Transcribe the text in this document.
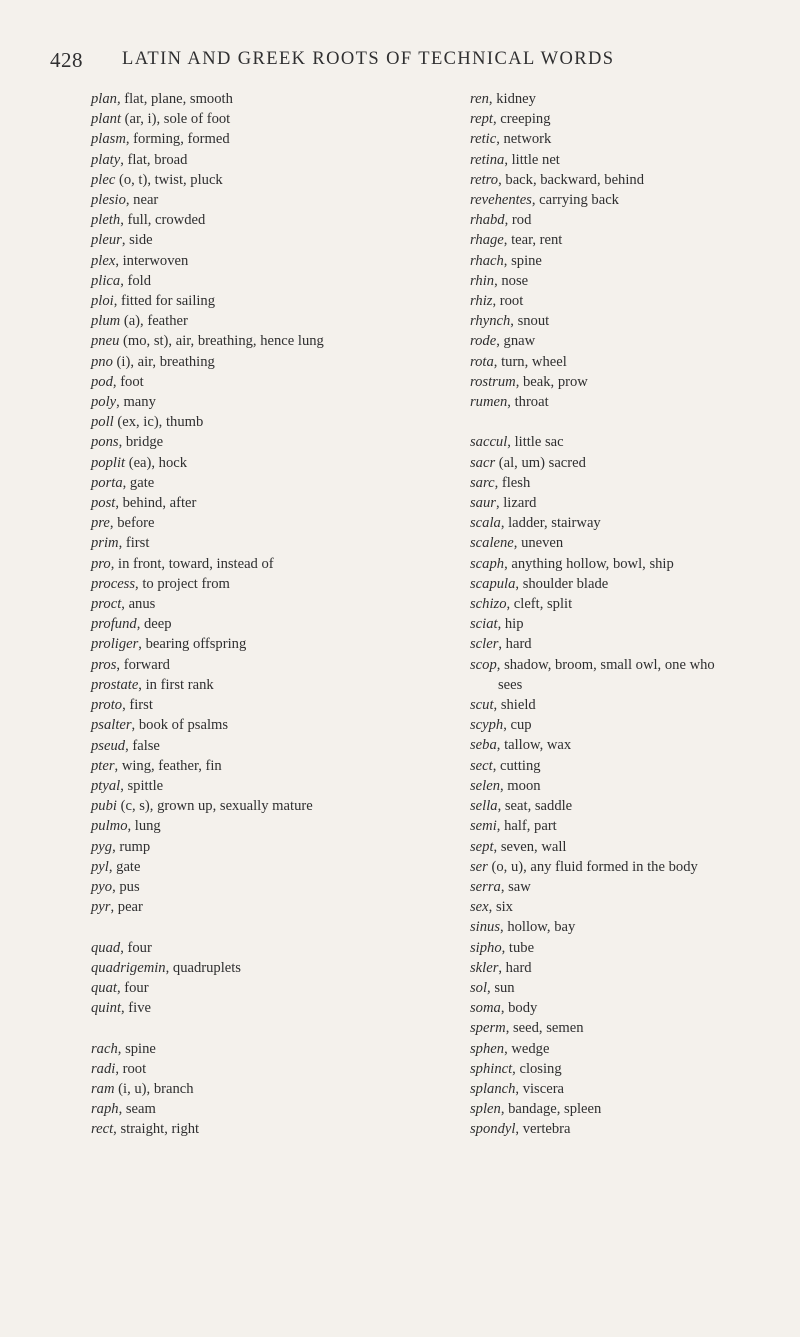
428 LATIN AND GREEK ROOTS OF TECHNICAL WORDS
plan, flat, plane, smooth
plant (ar, i), sole of foot
plasm, forming, formed
platy, flat, broad
plec (o, t), twist, pluck
plesio, near
pleth, full, crowded
pleur, side
plex, interwoven
plica, fold
ploi, fitted for sailing
plum (a), feather
pneu (mo, st), air, breathing, hence lung
pno (i), air, breathing
pod, foot
poly, many
poll (ex, ic), thumb
pons, bridge
poplit (ea), hock
porta, gate
post, behind, after
pre, before
prim, first
pro, in front, toward, instead of
process, to project from
proct, anus
profund, deep
proliger, bearing offspring
pros, forward
prostate, in first rank
proto, first
psalter, book of psalms
pseud, false
pter, wing, feather, fin
ptyal, spittle
pubi (c, s), grown up, sexually mature
pulmo, lung
pyg, rump
pyl, gate
pyo, pus
pyr, pear
quad, four
quadrigemin, quadruplets
quat, four
quint, five
rach, spine
radi, root
ram (i, u), branch
raph, seam
rect, straight, right
ren, kidney
rept, creeping
retic, network
retina, little net
retro, back, backward, behind
revehentes, carrying back
rhabd, rod
rhage, tear, rent
rhach, spine
rhin, nose
rhiz, root
rhynch, snout
rode, gnaw
rota, turn, wheel
rostrum, beak, prow
rumen, throat
saccul, little sac
sacr (al, um) sacred
sarc, flesh
saur, lizard
scala, ladder, stairway
scalene, uneven
scaph, anything hollow, bowl, ship
scapula, shoulder blade
schizo, cleft, split
sciat, hip
scler, hard
scop, shadow, broom, small owl, one who
sees
scut, shield
scyph, cup
seba, tallow, wax
sect, cutting
selen, moon
sella, seat, saddle
semi, half, part
sept, seven, wall
ser (o, u), any fluid formed in the body
serra, saw
sex, six
sinus, hollow, bay
sipho, tube
skler, hard
sol, sun
soma, body
sperm, seed, semen
sphen, wedge
sphinct, closing
splanch, viscera
splen, bandage, spleen
spondyl, vertebra
